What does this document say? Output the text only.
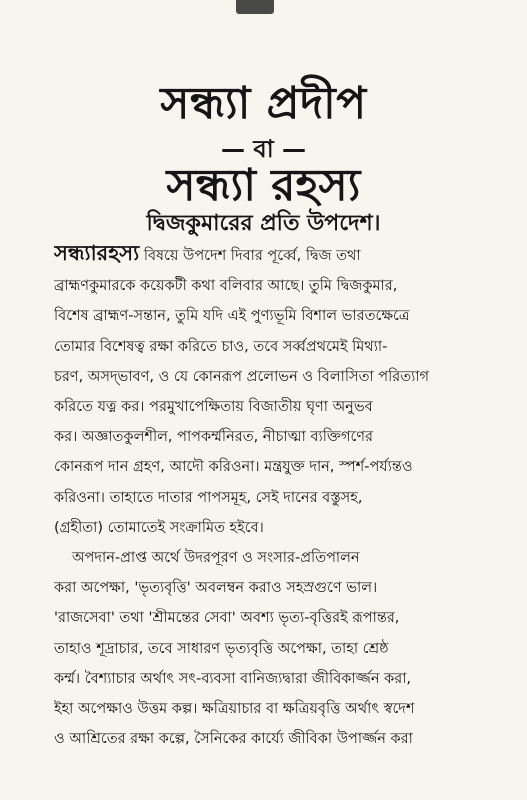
সন্ধ্যা প্রদীপ
— বা —
সন্ধ্যা রহস্য
দ্বিজকুমারের প্রতি উপদেশ।
সন্ধ্যারহস্য বিষয়ে উপদেশ দিবার পূর্ব্বে, দ্বিজ তথা
ব্রাহ্মণকুমারকে কয়েকটী কথা বলিবার আছে। তুমি দ্বিজকুমার,
বিশেষ ব্রাহ্মণ-সন্তান, তুমি যদি এই পুণ্যভূমি বিশাল ভারতক্ষেত্রে
তোমার বিশেষত্ব রক্ষা করিতে চাও, তবে সর্ব্বপ্রথমেই মিথ্যা-
চরণ, অসদ্‌ভাবণ, ও যে কোনরূপ প্রলোভন ও বিলাসিতা পরিত্যাগ
করিতে যত্ন কর। পরমুখাপেক্ষিতায় বিজাতীয় ঘৃণা অনুভব
কর। অজ্ঞাতকুলশীল, পাপকর্ম্মনিরত, নীচাত্মা ব্যক্তিগণের
কোনরূপ দান গ্রহণ, আদৌ করিওনা। মন্ত্রযুক্ত দান, স্পর্শ-পর্য্যন্তও
করিওনা। তাহাতে দাতার পাপসমূহ, সেই দানের বস্তুসহ,
(গ্রহীতা) তোমাতেই সংক্রামিত হইবে।
অপদান-প্রাপ্ত অর্থে উদরপূরণ ও সংসার-প্রতিপালন
করা অপেক্ষা, 'ভৃত্যবৃত্তি' অবলম্বন করাও সহস্রগুণে ভাল।
'রাজসেবা' তথা 'শ্রীমন্তের সেবা' অবশ্য ভৃত্য-বৃত্তিরই রূপান্তর,
তাহাও শূদ্রাচার, তবে সাধারণ ভৃত্যবৃত্তি অপেক্ষা, তাহা শ্রেষ্ঠ
কর্ম্ম। বৈশ্যাচার অর্থাৎ সৎ-ব্যবসা বানিজ্যদ্বারা জীবিকার্জ্জন করা,
ইহা অপেক্ষাও উত্তম কল্প। ক্ষত্রিয়াচার বা ক্ষত্রিয়বৃত্তি অর্থাৎ স্বদেশ
ও আশ্রিতের রক্ষা কল্পে, সৈনিকের কার্য্যে জীবিকা উপার্জ্জন করা
